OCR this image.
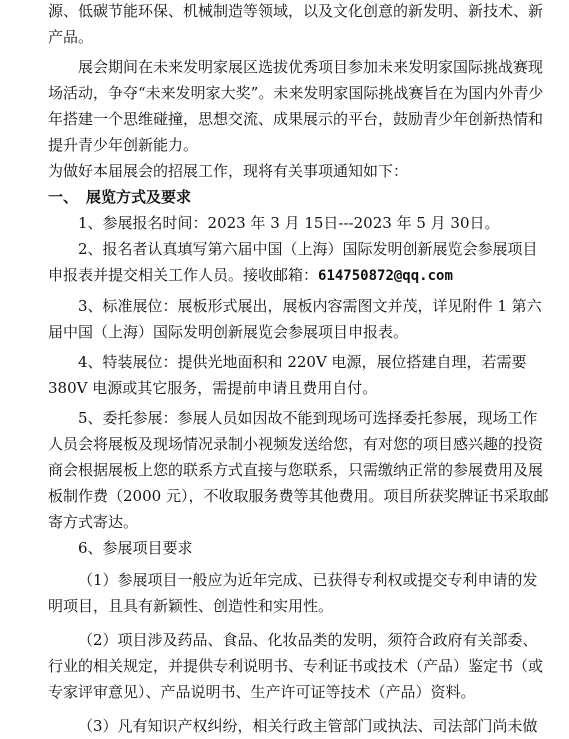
源、低碳节能环保、机械制造等领域，以及文化创意的新发明、新技术、新产品。

展会期间在未来发明家展区选拔优秀项目参加未来发明家国际挑战赛现场活动，争夺“未来发明家大奖”。未来发明家国际挑战赛旨在为国内外青少年搭建一个思维碰撞，思想交流、成果展示的平台，鼓励青少年创新热情和提升青少年创新能力。

为做好本届展会的招展工作，现将有关事项通知如下：

一、 展览方式及要求

1、参展报名时间：2023 年 3 月 15日---2023 年 5 月 30日。

2、报名者认真填写第六届中国（上海）国际发明创新展览会参展项目申报表并提交相关工作人员。接收邮箱：614750872@qq.com

3、标准展位：展板形式展出，展板内容需图文并茂，详见附件 1 第六届中国（上海）国际发明创新展览会参展项目申报表。

4、特装展位：提供光地面积和 220V 电源，展位搭建自理，若需要 380V 电源或其它服务，需提前申请且费用自付。

5、委托参展：参展人员如因故不能到现场可选择委托参展，现场工作人员会将展板及现场情况录制小视频发送给您，有对您的项目感兴趣的投资商会根据展板上您的联系方式直接与您联系，只需缴纳正常的参展费用及展板制作费（2000 元），不收取服务费等其他费用。项目所获奖牌证书采取邮寄方式寄达。

6、参展项目要求

（1）参展项目一般应为近年完成、已获得专利权或提交专利申请的发明项目，且具有新颖性、创造性和实用性。

（2）项目涉及药品、食品、化妆品类的发明，须符合政府有关部委、行业的相关规定，并提供专利说明书、专利证书或技术（产品）鉴定书（或专家评审意见）、产品说明书、生产许可证等技术（产品）资料。

（3）凡有知识产权纠纷，相关行政主管部门或执法、司法部门尚未做
